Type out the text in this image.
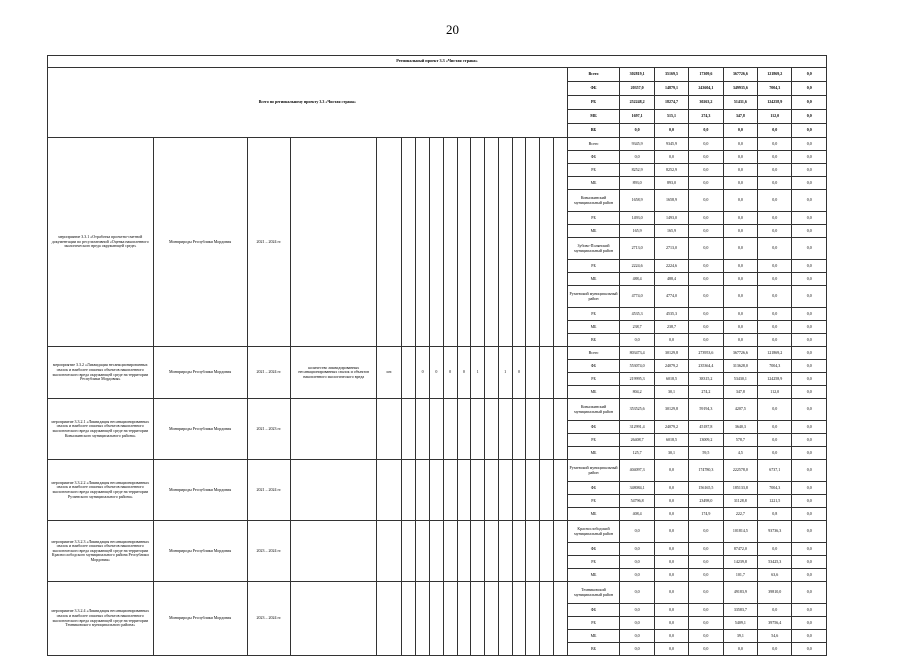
20
Региональный проект 3.3 «Чистая страна»																							
Всего по региональному проекту 3.3 «Чистая страна»																	Всего	302819,1	35169,5	17309,6	367726,6	121869,2	0,0
																	ФБ	20357,0	14879,1	243604,1	349935,6	7004,3	0,0
																	РБ	252248,2	18274,7	30263,2	51431,6	124258,9	0,0
																	МБ	1697,1	515,1	274,3	347,8	112,0	0,0
																	ВБ	0,0	0,0	0,0	0,0	0,0	0,0
мероприятие 3.3.1 «Отработка проектно-сметной документации по ресультативной «Оценка накопленного экологического вреда окружающей среде»	Минприроды Республики Мордовия	2021 – 2024 гг.															Всего	9345,9	9345,9	0,0	0,0	0,0	0,0
																	ФБ	0,0	0,0	0,0	0,0	0,0	0,0
																	РБ	8252,9	8252,9	0,0	0,0	0,0	0,0
																	МБ	893,0	893,0	0,0	0,0	0,0	0,0
																	Ковылкинский муниципальный район	1658,9	1658,9	0,0	0,0	0,0	0,0
																	РБ	1493,0	1493,0	0,0	0,0	0,0	0,0
																	МБ	165,9	165,9	0,0	0,0	0,0	0,0
																	Зубово-Полянский муниципальный район	2713,0	2713,0	0,0	0,0	0,0	0,0
																	РБ	2224,6	2224,6	0,0	0,0	0,0	0,0
																	МБ	488,4	488,4	0,0	0,0	0,0	0,0
																	Рузаевский муниципальный район	4774,0	4774,0	0,0	0,0	0,0	0,0
																	РБ	4535,3	4535,3	0,0	0,0	0,0	0,0
																	МБ	238,7	238,7	0,0	0,0	0,0	0,0
																	ВБ	0,0	0,0	0,0	0,0	0,0	0,0
мероприятие 3.3.2 «Ликвидация несанкционированных свалок и наиболее опасных объектов накопленного экологического вреда окружающей среде на территории Республики Мордовия»	Минприроды Республики Мордовия	2021 – 2024 гг.	количество ликвидированных несанкционированных свалок и объектов накопленного экологического вреда	шт.		0	0	0	0	1		1	0				Всего	803473,4	30129,8	273953,6	367726,6	121869,2	0,0
																	ФБ	553074,0	24079,2	235364,4	313628,0	7004,3	0,0
																	РБ	219995,3	6018,5	38315,2	53430,1	124258,9	0,0
																	МБ	804,2	30,1	274,2	347,8	112,0	0,0
мероприятие 3.3.2.1 «Ликвидация несанкционированных свалок и наиболее опасных объектов накопленного экологического вреда окружающей среде на территории Ковылкинского муниципального района»	Минприроды Республики Мордовия	2021 – 2023 гг.															Ковылкинский муниципальный район	353525,6	30129,8	59194,3	4207,5	0,0	0,0
																	ФБ	312991,4	24079,2	45187,8	3640,3	0,0	0,0
																	РБ	26408,7	6018,5	13009,2	578,7	0,0	0,0
																	МБ	125,7	30,1	59,5	4,5	0,0	0,0
мероприятие 3.3.2.2 «Ликвидация несанкционированных свалок и наиболее опасных объектов накопленного экологического вреда окружающей среде на территории Рузаевского муниципального района»	Минприроды Республики Мордовия	2021 – 2024 гг.															Рузаевский муниципальный район	404097,3	0,0	174780,3	222578,0	6737,1	0,0
																	ФБ	348084,1	0,0	156165,5	185133,8	7004,3	0,0
																	РБ	54796,8	0,0	23498,0	31128,8	1221,5	0,0
																	МБ	408,4	0,0	174,9	222,7	0,8	0,0
мероприятие 3.3.2.3 «Ликвидация несанкционированных свалок и наиболее опасных объектов накопленного экологического вреда окружающей среде на территории Краснослободского муниципального района Республики Мордовия»	Минприроды Республики Мордовия	2023 – 2024 гг.															Краснослободский муниципальный район	0,0	0,0	0,0	101814,5	93736,3	0,0
																	ФБ	0,0	0,0	0,0	87472,0	0,0	0,0
																	РБ	0,0	0,0	0,0	14239,8	53425,3	0,0
																	МБ	0,0	0,0	0,0	101,7	63,6	0,0
мероприятие 3.3.2.4 «Ликвидация несанкционированных свалок и наиболее опасных объектов накопленного экологического вреда окружающей среде на территории Темниковского муниципального района»	Минприроды Республики Мордовия	2023 – 2024 гг.															Темниковский муниципальный район	0,0	0,0	0,0	49183,9	39810,0	0,0
																	ФБ	0,0	0,0	0,0	33583,7	0,0	0,0
																	РБ	0,0	0,0	0,0	5409,1	39756,4	0,0
																	МБ	0,0	0,0	0,0	39,1	54,6	0,0
																	ВБ	0,0	0,0	0,0	0,0	0,0	0,0
